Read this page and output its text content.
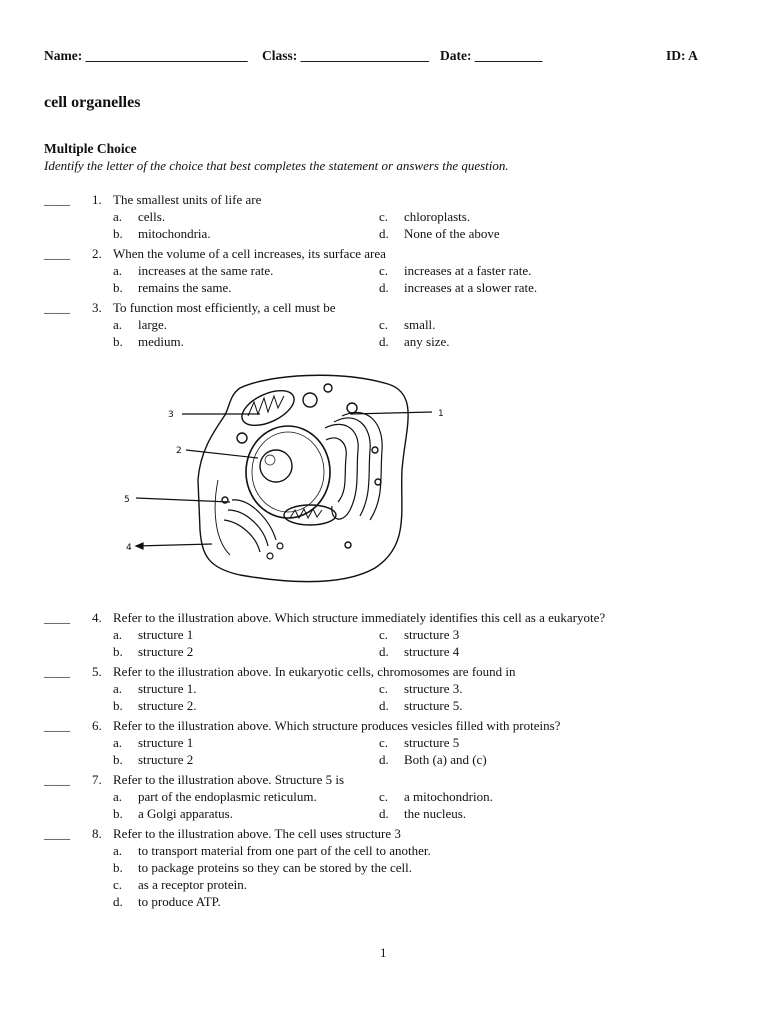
Name: ________________________ Class: ___________________ Date: __________	ID: A
cell organelles
Multiple Choice
Identify the letter of the choice that best completes the statement or answers the question.
____ 1. The smallest units of life are
a. cells.
b. mitochondria.
c. chloroplasts.
d. None of the above
____ 2. When the volume of a cell increases, its surface area
a. increases at the same rate.
b. remains the same.
c. increases at a faster rate.
d. increases at a slower rate.
____ 3. To function most efficiently, a cell must be
a. large.
b. medium.
c. small.
d. any size.
3	1
2
5
4
____ 4. Refer to the illustration above. Which structure immediately identifies this cell as a eukaryote?
a. structure 1
b. structure 2
c. structure 3
d. structure 4
____ 5. Refer to the illustration above. In eukaryotic cells, chromosomes are found in
a. structure 1.
b. structure 2.
c. structure 3.
d. structure 5.
____ 6. Refer to the illustration above. Which structure produces vesicles filled with proteins?
a. structure 1
b. structure 2
c. structure 5
d. Both (a) and (c)
____ 7. Refer to the illustration above. Structure 5 is
a. part of the endoplasmic reticulum.
b. a Golgi apparatus.
c. a mitochondrion.
d. the nucleus.
____ 8. Refer to the illustration above. The cell uses structure 3
a. to transport material from one part of the cell to another.
b. to package proteins so they can be stored by the cell.
c. as a receptor protein.
d. to produce ATP.
1
